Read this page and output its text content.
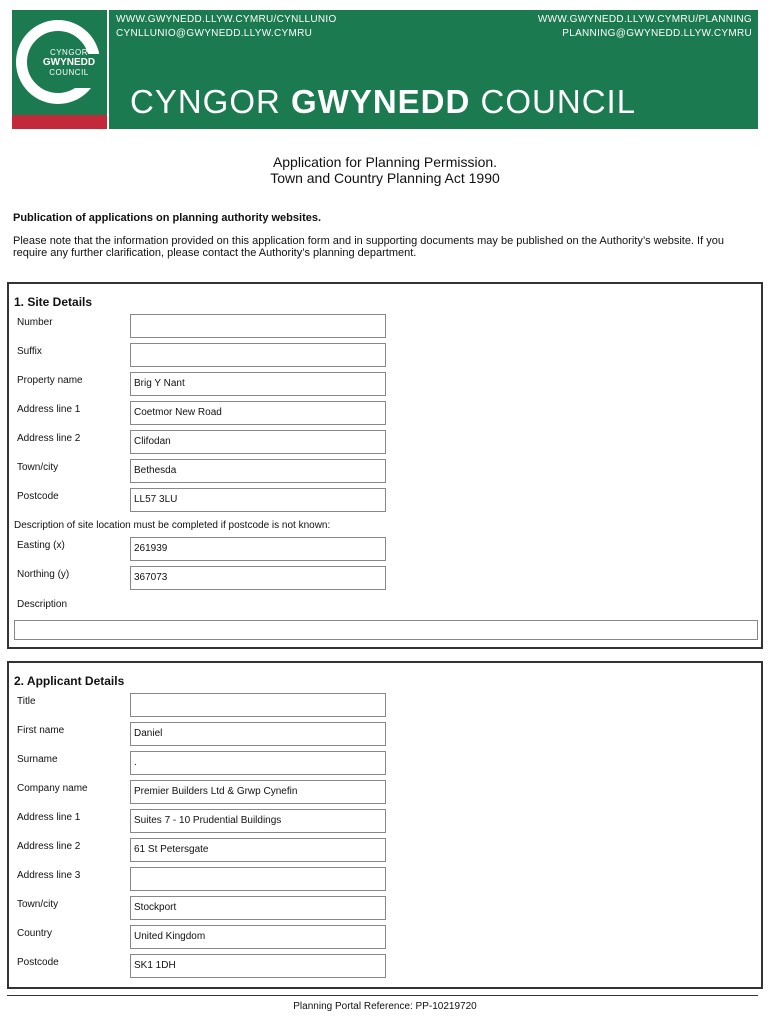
CYNGOR
GWYNEDD
COUNCIL
WWW.GWYNEDD.LLYW.CYMRU/CYNLLUNIO
CYNLLUNIO@GWYNEDD.LLYW.CYMRU
WWW.GWYNEDD.LLYW.CYMRU/PLANNING
PLANNING@GWYNEDD.LLYW.CYMRU
CYNGOR GWYNEDD COUNCIL
Application for Planning Permission.
Town and Country Planning Act 1990
Publication of applications on planning authority websites.
Please note that the information provided on this application form and in supporting documents may be published on the Authority’s website. If you require any further clarification, please contact the Authority’s planning department.
1. Site Details
Number
Suffix
Property name	Brig Y Nant
Address line 1	Coetmor New Road
Address line 2	Clifodan
Town/city	Bethesda
Postcode	LL57 3LU
Description of site location must be completed if postcode is not known:
Easting (x)	261939
Northing (y)	367073
Description
2. Applicant Details
Title
First name	Daniel
Surname	.
Company name	Premier Builders Ltd & Grwp Cynefin
Address line 1	Suites 7 - 10 Prudential Buildings
Address line 2	61 St Petersgate
Address line 3
Town/city	Stockport
Country	United Kingdom
Postcode	SK1 1DH
Planning Portal Reference: PP-10219720
